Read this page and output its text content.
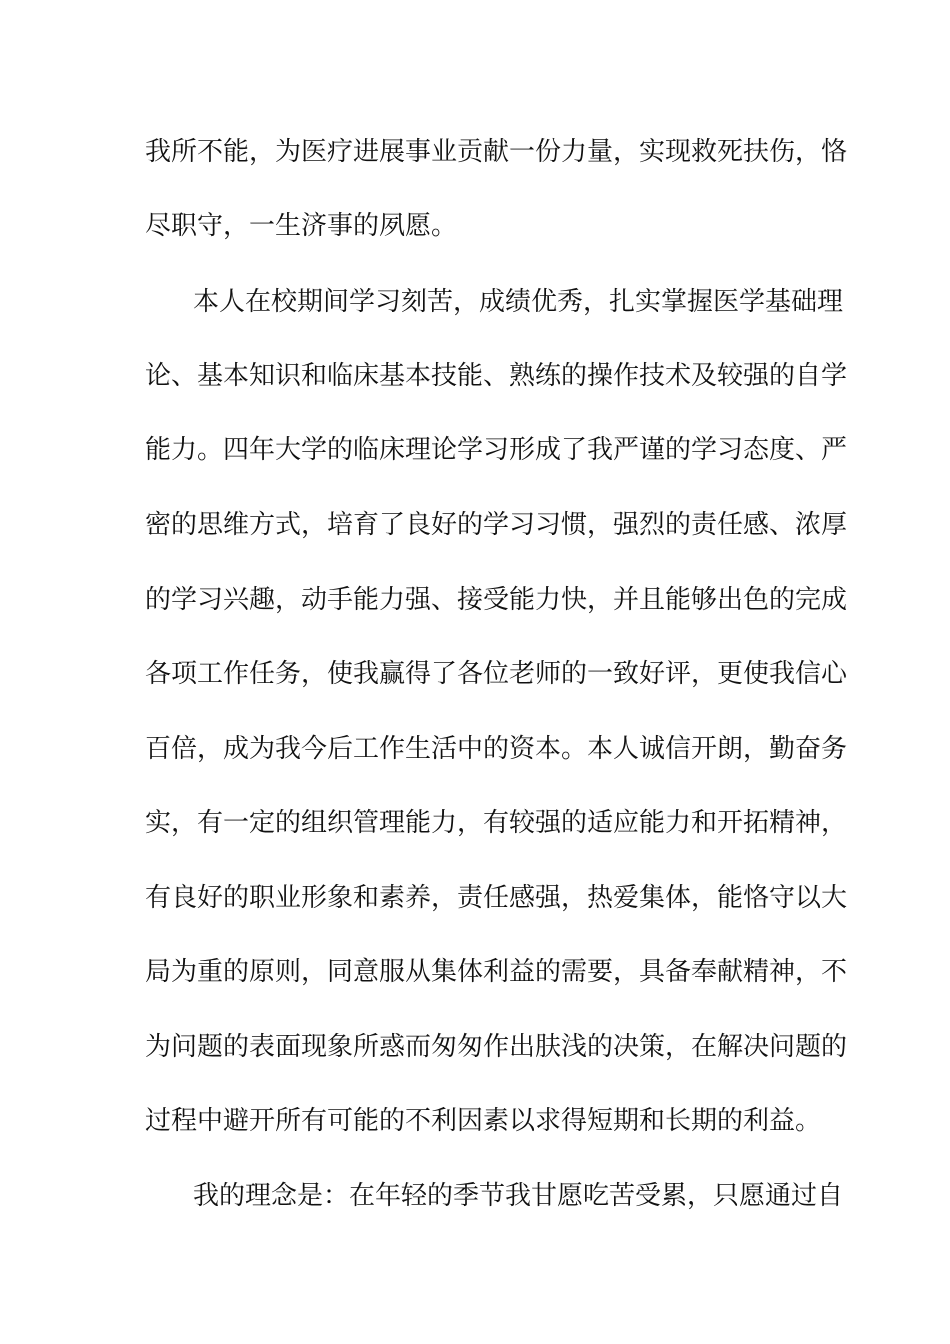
我所不能，为医疗进展事业贡献一份力量，实现救死扶伤，恪
尽职守，一生济事的夙愿。
本人在校期间学习刻苦，成绩优秀，扎实掌握医学基础理
论、基本知识和临床基本技能、熟练的操作技术及较强的自学
能力。四年大学的临床理论学习形成了我严谨的学习态度、严
密的思维方式，培育了良好的学习习惯，强烈的责任感、浓厚
的学习兴趣，动手能力强、接受能力快，并且能够出色的完成
各项工作任务，使我赢得了各位老师的一致好评，更使我信心
百倍，成为我今后工作生活中的资本。本人诚信开朗，勤奋务
实，有一定的组织管理能力，有较强的适应能力和开拓精神，
有良好的职业形象和素养，责任感强，热爱集体，能恪守以大
局为重的原则，同意服从集体利益的需要，具备奉献精神，不
为问题的表面现象所惑而匆匆作出肤浅的决策，在解决问题的
过程中避开所有可能的不利因素以求得短期和长期的利益。
我的理念是：在年轻的季节我甘愿吃苦受累，只愿通过自
